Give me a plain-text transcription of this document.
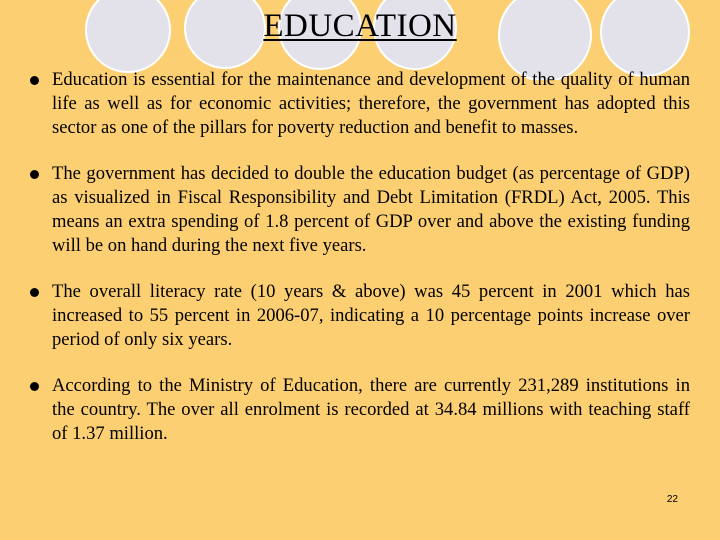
EDUCATION
Education is essential for the maintenance and development of the quality of human life as well as for economic activities; therefore, the government has adopted this sector as one of the pillars for poverty reduction and benefit to masses.
The government has decided to double the education budget (as percentage of GDP) as visualized in Fiscal Responsibility and Debt Limitation (FRDL) Act, 2005. This means an extra spending of 1.8 percent of GDP over and above the existing funding will be on hand during the next five years.
The overall literacy rate (10 years & above) was 45 percent in 2001 which has increased to 55 percent in 2006-07, indicating a 10 percentage points increase over period of only six years.
According to the Ministry of Education, there are currently 231,289 institutions in the country. The over all enrolment is recorded at 34.84 millions with teaching staff of 1.37 million.
22
